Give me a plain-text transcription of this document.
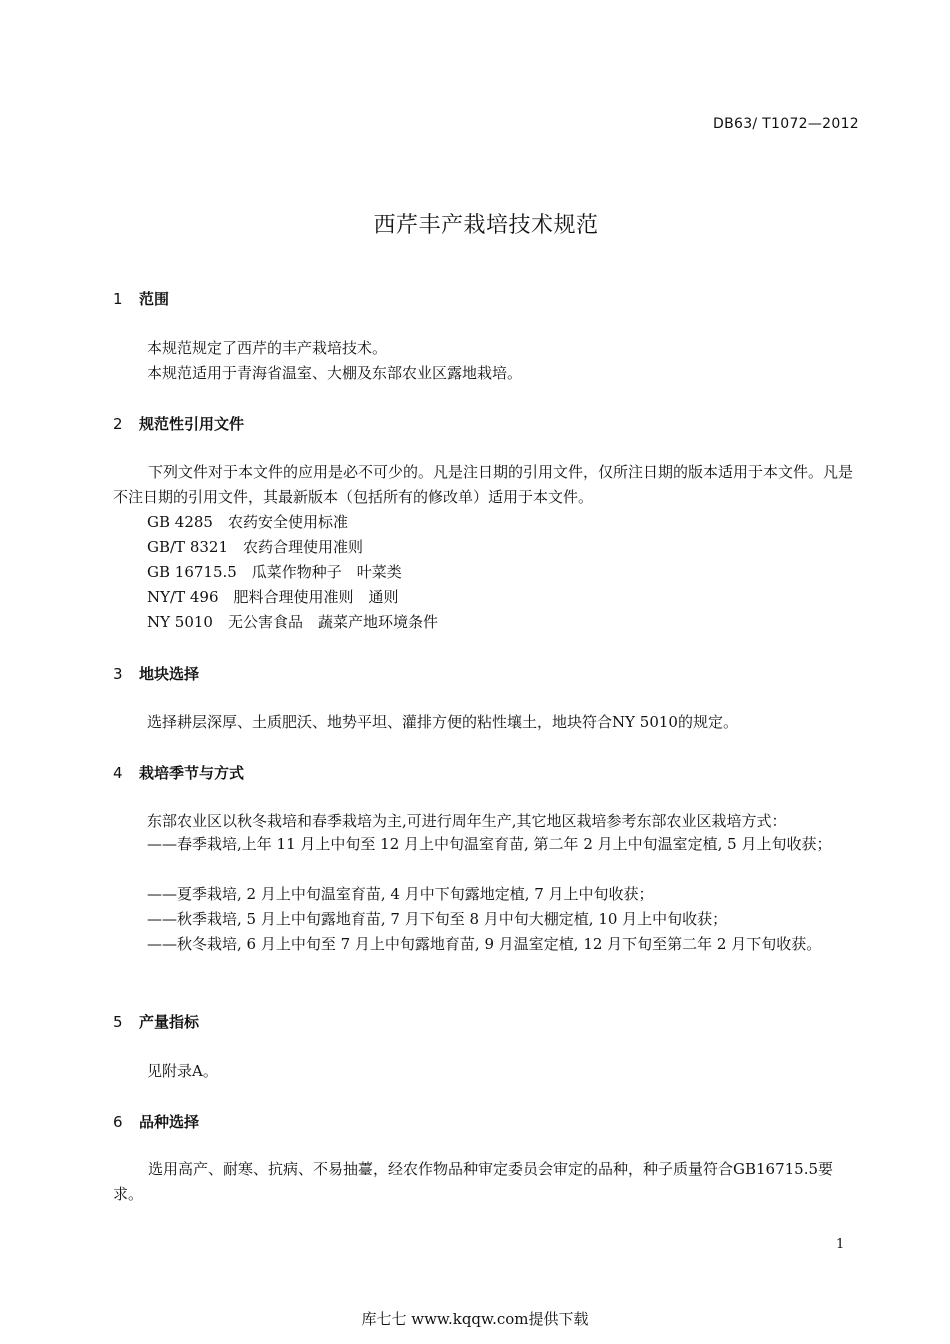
DB63/ T1072—2012
西芹丰产栽培技术规范
1 范围
本规范规定了西芹的丰产栽培技术。
本规范适用于青海省温室、大棚及东部农业区露地栽培。
2 规范性引用文件
下列文件对于本文件的应用是必不可少的。凡是注日期的引用文件，仅所注日期的版本适用于本文件。凡是不注日期的引用文件，其最新版本（包括所有的修改单）适用于本文件。
GB 4285　农药安全使用标准
GB/T 8321　农药合理使用准则
GB 16715.5　瓜菜作物种子　叶菜类
NY/T 496　肥料合理使用准则　通则
NY 5010　无公害食品　蔬菜产地环境条件
3 地块选择
选择耕层深厚、土质肥沃、地势平坦、灌排方便的粘性壤土，地块符合NY 5010的规定。
4 栽培季节与方式
东部农业区以秋冬栽培和春季栽培为主,可进行周年生产,其它地区栽培参考东部农业区栽培方式：
——春季栽培,上年 11 月上中旬至 12 月上中旬温室育苗, 第二年 2 月上中旬温室定植, 5 月上旬收获；
——夏季栽培, 2 月上中旬温室育苗, 4 月中下旬露地定植, 7 月上中旬收获；
——秋季栽培, 5 月上中旬露地育苗, 7 月下旬至 8 月中旬大棚定植, 10 月上中旬收获；
——秋冬栽培, 6 月上中旬至 7 月上中旬露地育苗, 9 月温室定植, 12 月下旬至第二年 2 月下旬收获。
5 产量指标
见附录A。
6 品种选择
选用高产、耐寒、抗病、不易抽薹，经农作物品种审定委员会审定的品种，种子质量符合GB16715.5要求。
1
库七七 www.kqqw.com提供下载
